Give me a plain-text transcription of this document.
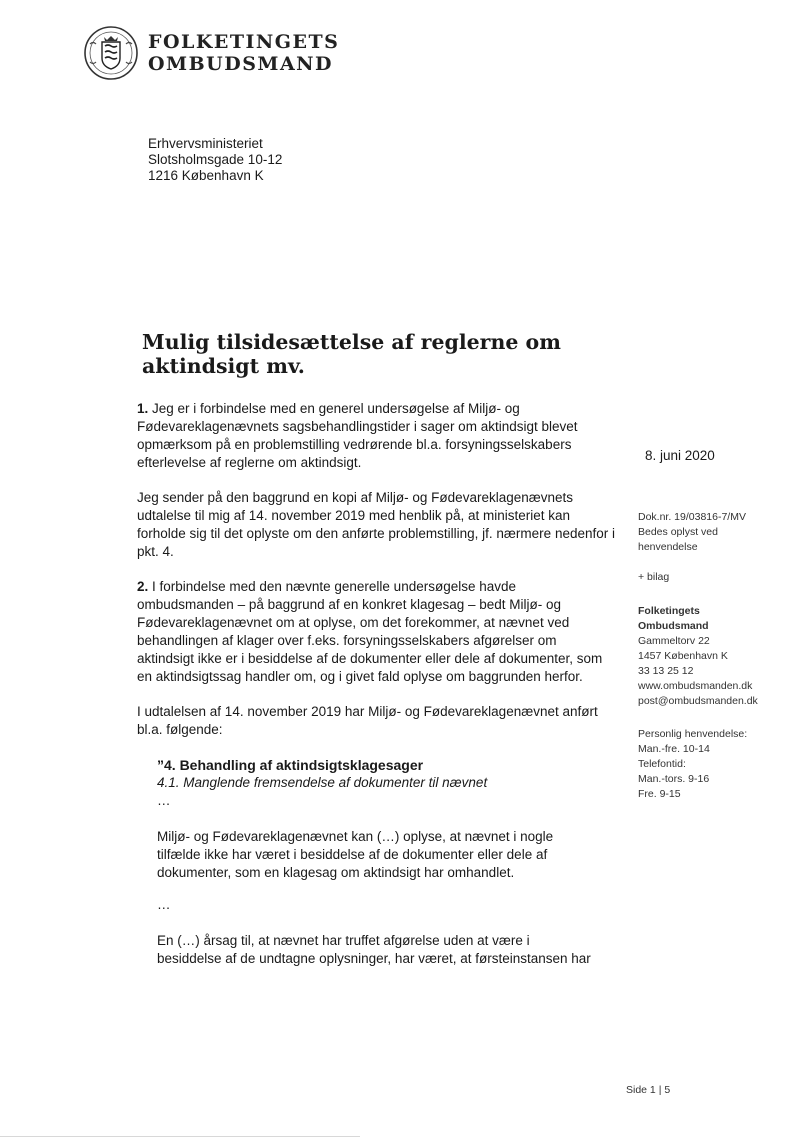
FOLKETINGETS
OMBUDSMAND
Erhvervsministeriet
Slotsholmsgade 10-12
1216 København K
Mulig tilsidesættelse af reglerne om aktindsigt mv.
8. juni 2020
Dok.nr. 19/03816-7/MV
Bedes oplyst ved
henvendelse
+ bilag
Folketingets
Ombudsmand
Gammeltorv 22
1457 København K
33 13 25 12
www.ombudsmanden.dk
post@ombudsmanden.dk
Personlig henvendelse:
Man.-fre. 10-14
Telefontid:
Man.-tors. 9-16
Fre. 9-15

1. Jeg er i forbindelse med en generel undersøgelse af Miljø- og Fødevareklagenævnets sagsbehandlingstider i sager om aktindsigt blevet opmærksom på en problemstilling vedrørende bl.a. forsyningsselskabers efterlevelse af reglerne om aktindsigt.

Jeg sender på den baggrund en kopi af Miljø- og Fødevareklagenævnets udtalelse til mig af 14. november 2019 med henblik på, at ministeriet kan forholde sig til det oplyste om den anførte problemstilling, jf. nærmere nedenfor i pkt. 4.

2. I forbindelse med den nævnte generelle undersøgelse havde ombudsmanden – på baggrund af en konkret klagesag – bedt Miljø- og Fødevareklagenævnet om at oplyse, om det forekommer, at nævnet ved behandlingen af klager over f.eks. forsyningsselskabers afgørelser om aktindsigt ikke er i besiddelse af de dokumenter eller dele af dokumenter, som en aktindsigtssag handler om, og i givet fald oplyse om baggrunden herfor.

I udtalelsen af 14. november 2019 har Miljø- og Fødevareklagenævnet anført bl.a. følgende:

”4. Behandling af aktindsigtsklagesager

4.1. Manglende fremsendelse af dokumenter til nævnet

…

Miljø- og Fødevareklagenævnet kan (…) oplyse, at nævnet i nogle tilfælde ikke har været i besiddelse af de dokumenter eller dele af dokumenter, som en klagesag om aktindsigt har omhandlet.

…

En (…) årsag til, at nævnet har truffet afgørelse uden at være i besiddelse af de undtagne oplysninger, har været, at førsteinstansen har

Side 1 | 5
